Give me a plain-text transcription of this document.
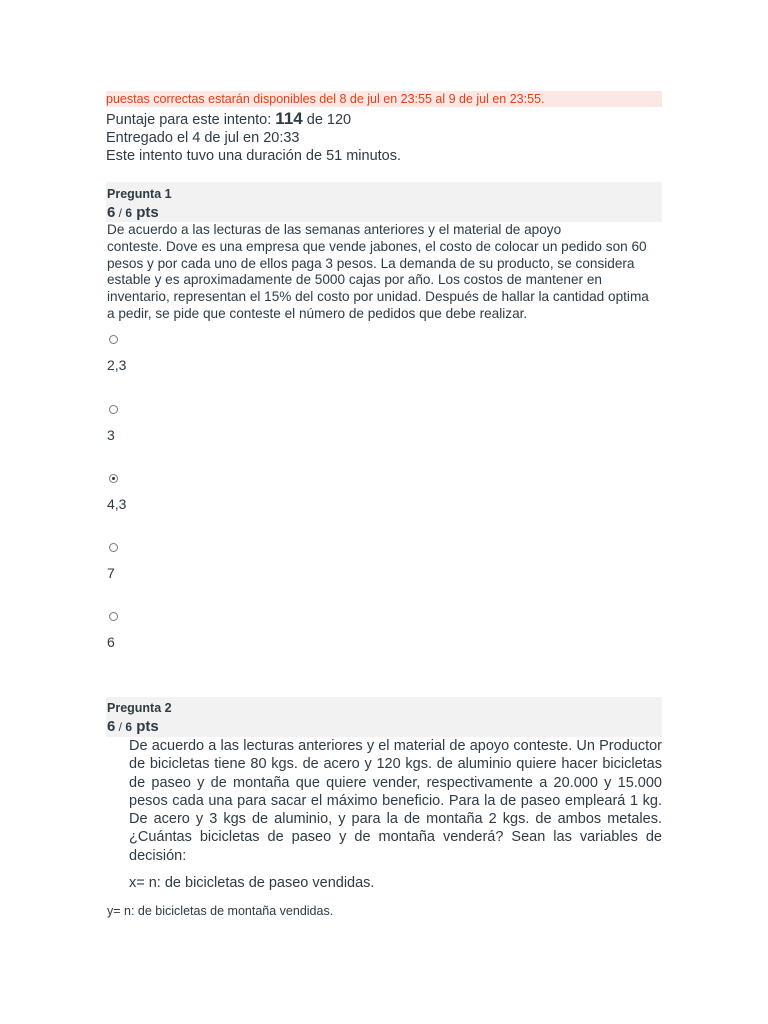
puestas correctas estarán disponibles del 8 de jul en 23:55 al 9 de jul en 23:55.
Puntaje para este intento: 114 de 120
Entregado el 4 de jul en 20:33
Este intento tuvo una duración de 51 minutos.
Pregunta 1
6 / 6 pts
De acuerdo a las lecturas de las semanas anteriores y el material de apoyo
conteste. Dove es una empresa que vende jabones, el costo de colocar un pedido son 60
pesos y por cada uno de ellos paga 3 pesos. La demanda de su producto, se considera
estable y es aproximadamente de 5000 cajas por año. Los costos de mantener en
inventario, representan el 15% del costo por unidad. Después de hallar la cantidad optima
a pedir, se pide que conteste el número de pedidos que debe realizar.
2,3
3
4,3
7
6
Pregunta 2
6 / 6 pts
De acuerdo a las lecturas anteriores y el material de apoyo conteste. Un Productor de bicicletas tiene 80 kgs. de acero y 120 kgs. de aluminio quiere hacer bicicletas de paseo y de montaña que quiere vender, respectivamente a 20.000 y 15.000 pesos cada una para sacar el máximo beneficio. Para la de paseo empleará 1 kg. De acero y 3 kgs de aluminio, y para la de montaña 2 kgs. de ambos metales. ¿Cuántas bicicletas de paseo y de montaña venderá? Sean las variables de decisión:
x= n: de bicicletas de paseo vendidas.
y= n: de bicicletas de montaña vendidas.
